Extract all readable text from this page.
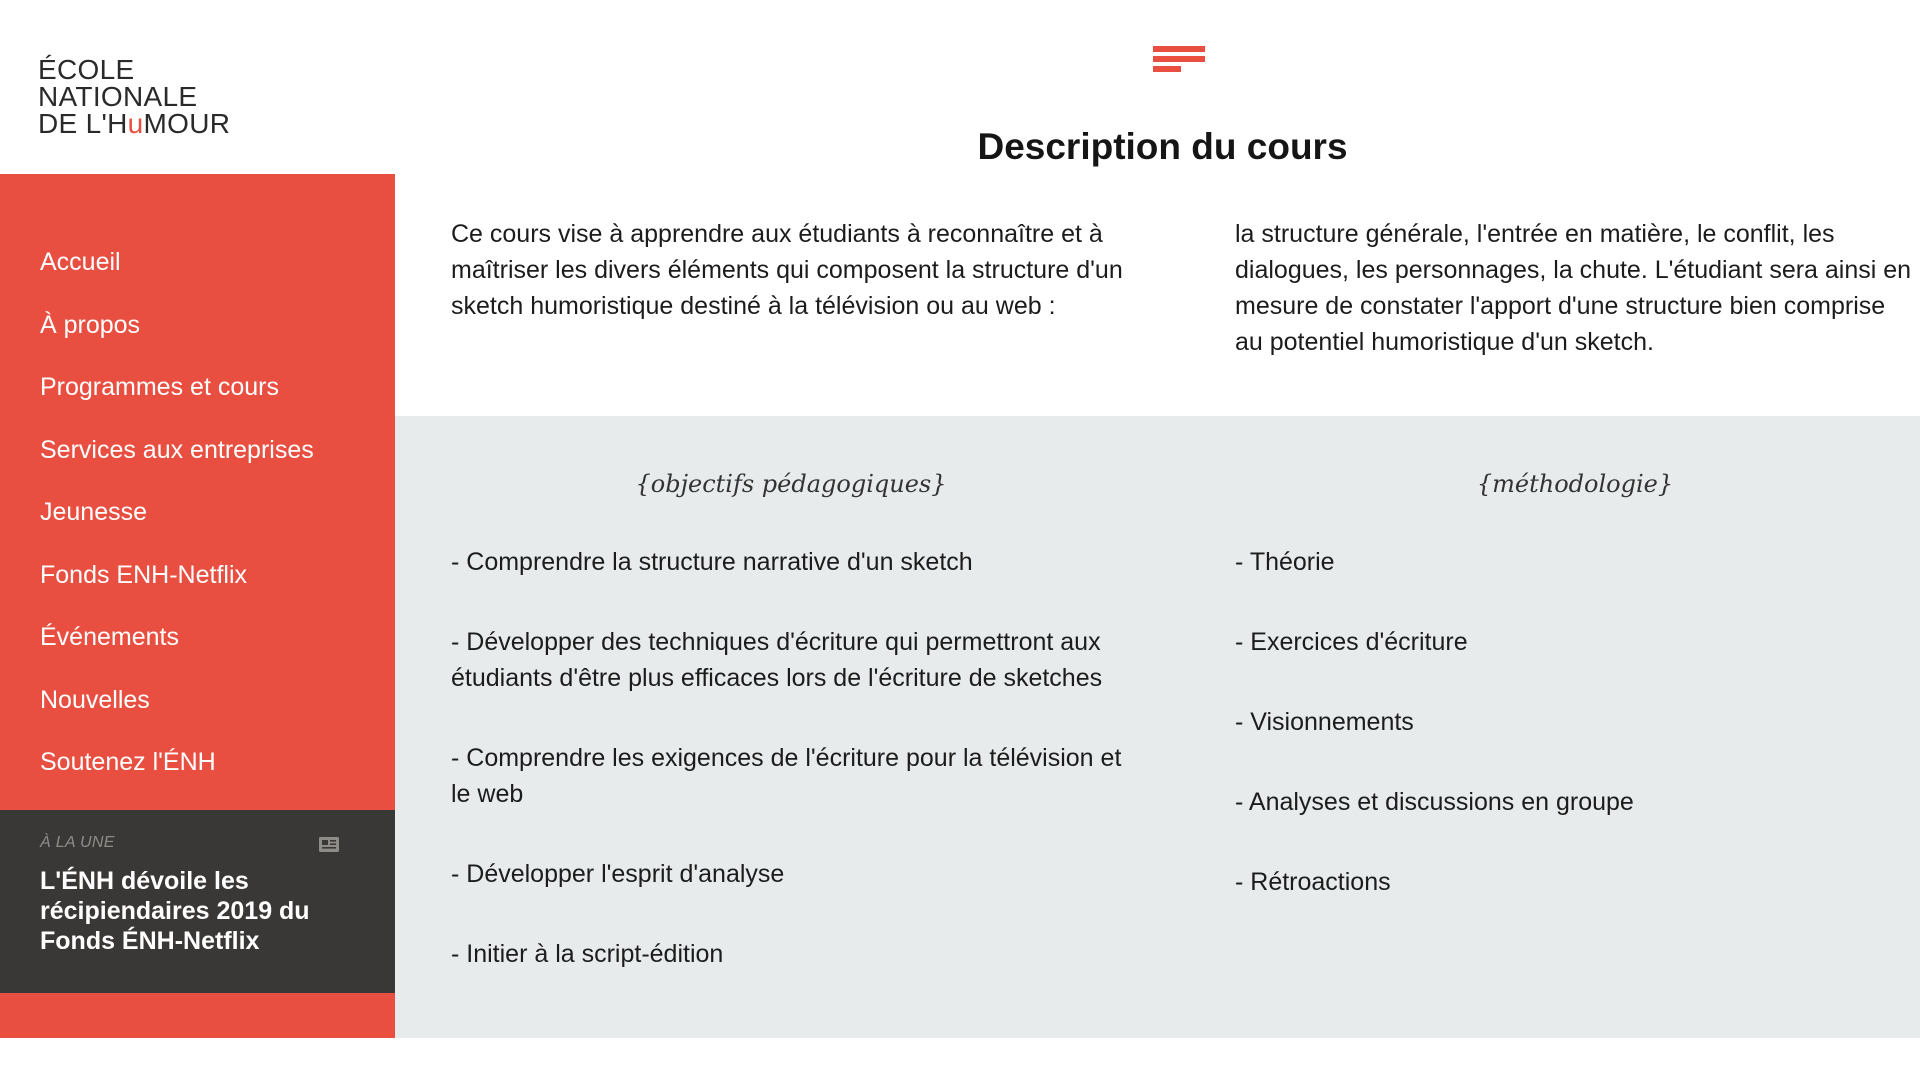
ÉCOLE
NATIONALE
DE L'HuMOUR
Accueil
À propos
Programmes et cours
Services aux entreprises
Jeunesse
Fonds ENH-Netflix
Événements
Nouvelles
Soutenez l'ÉNH
À LA UNE
L'ÉNH dévoile les récipiendaires 2019 du Fonds ÉNH-Netflix
Description du cours

Ce cours vise à apprendre aux étudiants à reconnaître et à maîtriser les divers éléments qui composent la structure d'un sketch humoristique destiné à la télévision ou au web :

la structure générale, l'entrée en matière, le conflit, les dialogues, les personnages, la chute. L'étudiant sera ainsi en mesure de constater l'apport d'une structure bien comprise au potentiel humoristique d'un sketch.

{objectifs pédagogiques}	{méthodologie}
- Comprendre la structure narrative d'un sketch
- Développer des techniques d'écriture qui permettront aux étudiants d'être plus efficaces lors de l'écriture de sketches
- Comprendre les exigences de l'écriture pour la télévision et le web
- Développer l'esprit d'analyse
- Initier à la script-édition
- Théorie
- Exercices d'écriture
- Visionnements
- Analyses et discussions en groupe
- Rétroactions
